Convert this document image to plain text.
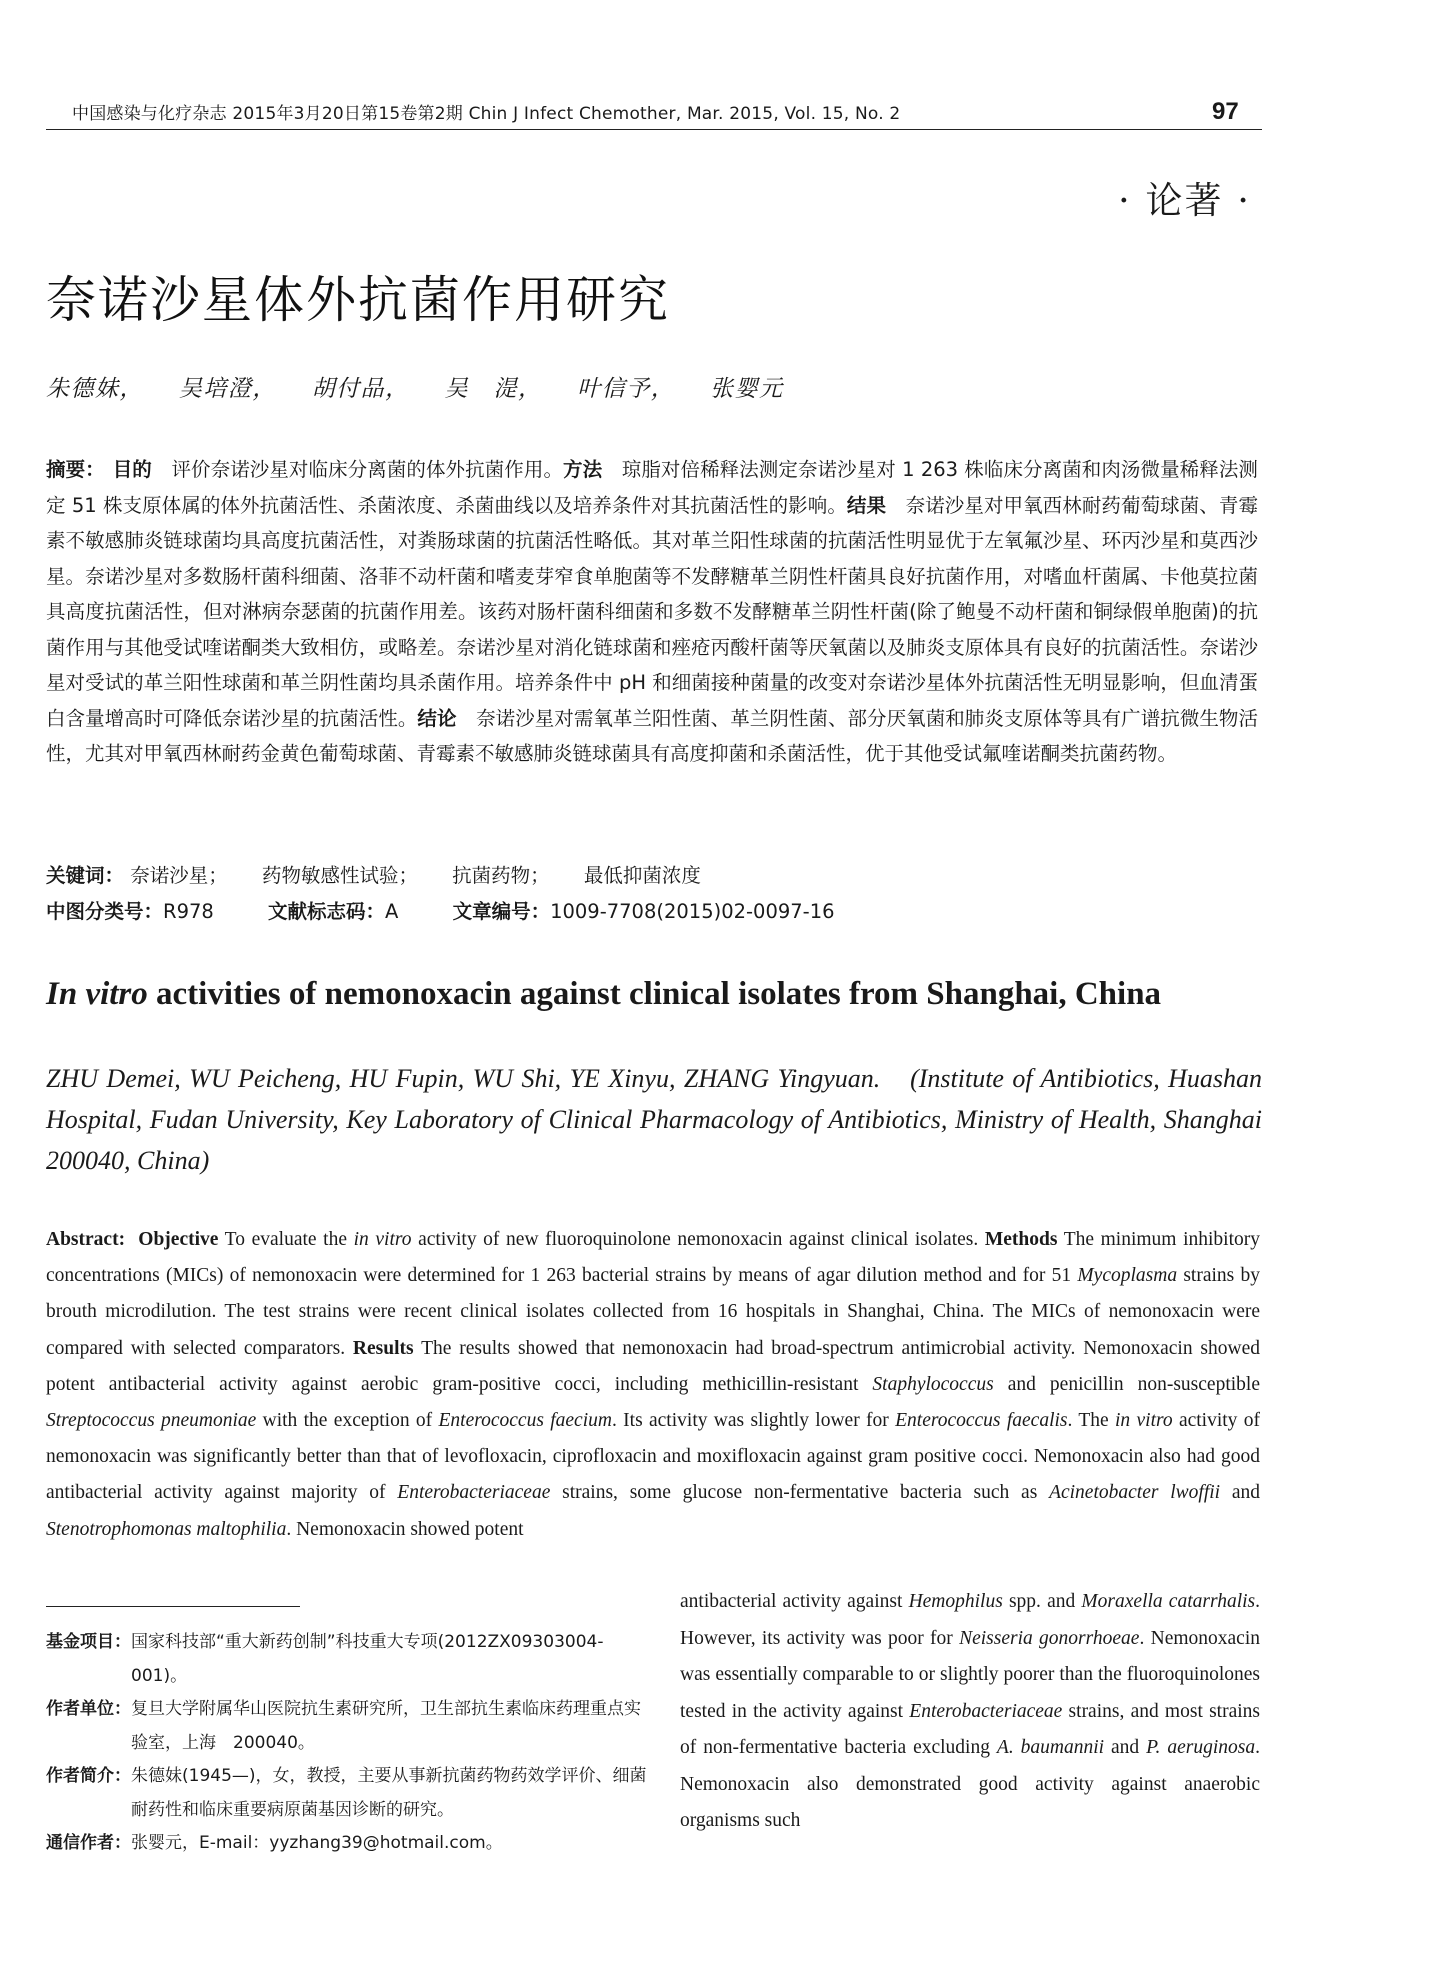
中国感染与化疗杂志 2015年3月20日第15卷第2期 Chin J Infect Chemother, Mar. 2015, Vol. 15, No. 2	97
· 论著 ·
奈诺沙星体外抗菌作用研究
朱德妹， 吴培澄， 胡付品， 吴　湜， 叶信予， 张婴元
摘要： 目的　 评价奈诺沙星对临床分离菌的体外抗菌作用。方法　 琼脂对倍稀释法测定奈诺沙星对 1 263 株临床分离菌和肉汤微量稀释法测定 51 株支原体属的体外抗菌活性、杀菌浓度、杀菌曲线以及培养条件对其抗菌活性的影响。结果　 奈诺沙星对甲氧西林耐药葡萄球菌、青霉素不敏感肺炎链球菌均具高度抗菌活性，对粪肠球菌的抗菌活性略低。其对革兰阳性球菌的抗菌活性明显优于左氧氟沙星、环丙沙星和莫西沙星。奈诺沙星对多数肠杆菌科细菌、洛菲不动杆菌和嗜麦芽窄食单胞菌等不发酵糖革兰阴性杆菌具良好抗菌作用，对嗜血杆菌属、卡他莫拉菌具高度抗菌活性，但对淋病奈瑟菌的抗菌作用差。该药对肠杆菌科细菌和多数不发酵糖革兰阴性杆菌(除了鲍曼不动杆菌和铜绿假单胞菌)的抗菌作用与其他受试喹诺酮类大致相仿，或略差。奈诺沙星对消化链球菌和痤疮丙酸杆菌等厌氧菌以及肺炎支原体具有良好的抗菌活性。奈诺沙星对受试的革兰阳性球菌和革兰阴性菌均具杀菌作用。培养条件中 pH 和细菌接种菌量的改变对奈诺沙星体外抗菌活性无明显影响，但血清蛋白含量增高时可降低奈诺沙星的抗菌活性。结论　 奈诺沙星对需氧革兰阳性菌、革兰阴性菌、部分厌氧菌和肺炎支原体等具有广谱抗微生物活性，尤其对甲氧西林耐药金黄色葡萄球菌、青霉素不敏感肺炎链球菌具有高度抑菌和杀菌活性，优于其他受试氟喹诺酮类抗菌药物。
关键词： 奈诺沙星； 药物敏感性试验； 抗菌药物； 最低抑菌浓度
中图分类号：R978	文献标志码：A	文章编号：1009-7708(2015)02-0097-16
In vitro activities of nemonoxacin against clinical isolates from Shanghai, China
ZHU Demei, WU Peicheng, HU Fupin, WU Shi, YE Xinyu, ZHANG Yingyuan.　(Institute of Antibiotics, Huashan Hospital, Fudan University, Key Laboratory of Clinical Pharmacology of Antibiotics, Ministry of Health, Shanghai　200040, China)
Abstract: Objective To evaluate the in vitro activity of new fluoroquinolone nemonoxacin against clinical isolates. Methods The minimum inhibitory concentrations (MICs) of nemonoxacin were determined for 1 263 bacterial strains by means of agar dilution method and for 51 Mycoplasma strains by brouth microdilution. The test strains were recent clinical isolates collected from 16 hospitals in Shanghai, China. The MICs of nemonoxacin were compared with selected comparators. Results The results showed that nemonoxacin had broad-spectrum antimicrobial activity. Nemonoxacin showed potent antibacterial activity against aerobic gram-positive cocci, including methicillin-resistant Staphylococcus and penicillin non-susceptible Streptococcus pneumoniae with the exception of Enterococcus faecium. Its activity was slightly lower for Enterococcus faecalis. The in vitro activity of nemonoxacin was significantly better than that of levofloxacin, ciprofloxacin and moxifloxacin against gram positive cocci. Nemonoxacin also had good antibacterial activity against majority of Enterobacteriaceae strains, some glucose non-fermentative bacteria such as Acinetobacter lwoffii and Stenotrophomonas maltophilia. Nemonoxacin showed potent
antibacterial activity against Hemophilus spp. and Moraxella catarrhalis. However, its activity was poor for Neisseria gonorrhoeae. Nemonoxacin was essentially comparable to or slightly poorer than the fluoroquinolones tested in the activity against Enterobacteriaceae strains, and most strains of non-fermentative bacteria excluding A. baumannii and P. aeruginosa. Nemonoxacin also demonstrated good activity against anaerobic organisms such
基金项目： 国家科技部“重大新药创制”科技重大专项(2012ZX09303004-001)。
作者单位： 复旦大学附属华山医院抗生素研究所，卫生部抗生素临床药理重点实验室，上海　200040。
作者简介： 朱德妹(1945—)，女，教授，主要从事新抗菌药物药效学评价、细菌耐药性和临床重要病原菌基因诊断的研究。
通信作者： 张婴元，E-mail：yyzhang39@hotmail.com。
